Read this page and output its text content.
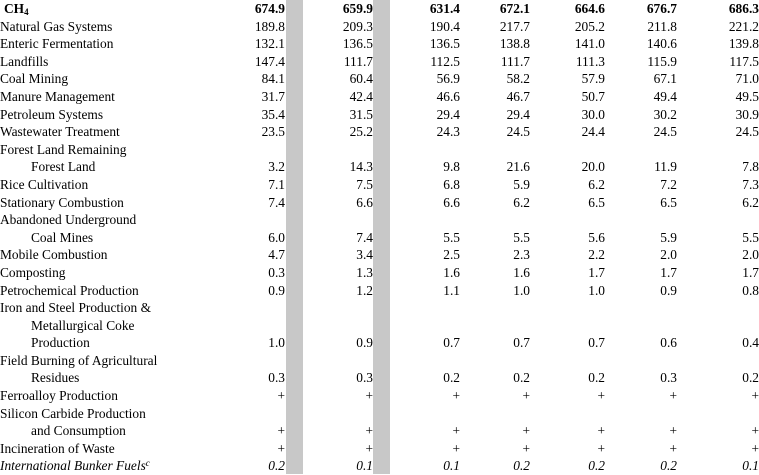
$CH_4$	674.9		659.9		631.4	672.1	664.6	676.7	686.3
Natural Gas Systems	189.8		209.3		190.4	217.7	205.2	211.8	221.2
Enteric Fermentation	132.1		136.5		136.5	138.8	141.0	140.6	139.8
Landfills	147.4		111.7		112.5	111.7	111.3	115.9	117.5
Coal Mining	84.1		60.4		56.9	58.2	57.9	67.1	71.0
Manure Management	31.7		42.4		46.6	46.7	50.7	49.4	49.5
Petroleum Systems	35.4		31.5		29.4	29.4	30.0	30.2	30.9
Wastewater Treatment	23.5		25.2		24.3	24.5	24.4	24.5	24.5
Forest Land Remaining									
Forest Land	3.2		14.3		9.8	21.6	20.0	11.9	7.8
Rice Cultivation	7.1		7.5		6.8	5.9	6.2	7.2	7.3
Stationary Combustion	7.4		6.6		6.6	6.2	6.5	6.5	6.2
Abandoned Underground									
Coal Mines	6.0		7.4		5.5	5.5	5.6	5.9	5.5
Mobile Combustion	4.7		3.4		2.5	2.3	2.2	2.0	2.0
Composting	0.3		1.3		1.6	1.6	1.7	1.7	1.7
Petrochemical Production	0.9		1.2		1.1	1.0	1.0	0.9	0.8
Iron and Steel Production &									
Metallurgical Coke									
Production	1.0		0.9		0.7	0.7	0.7	0.6	0.4
Field Burning of Agricultural									
Residues	0.3		0.3		0.2	0.2	0.2	0.3	0.2
Ferroalloy Production	+		+		+	+	+	+	+
Silicon Carbide Production									
and Consumption	+		+		+	+	+	+	+
Incineration of Waste	+		+		+	+	+	+	+
International Bunker Fuels$^c$	0.2		0.1		0.1	0.2	0.2	0.2	0.1
